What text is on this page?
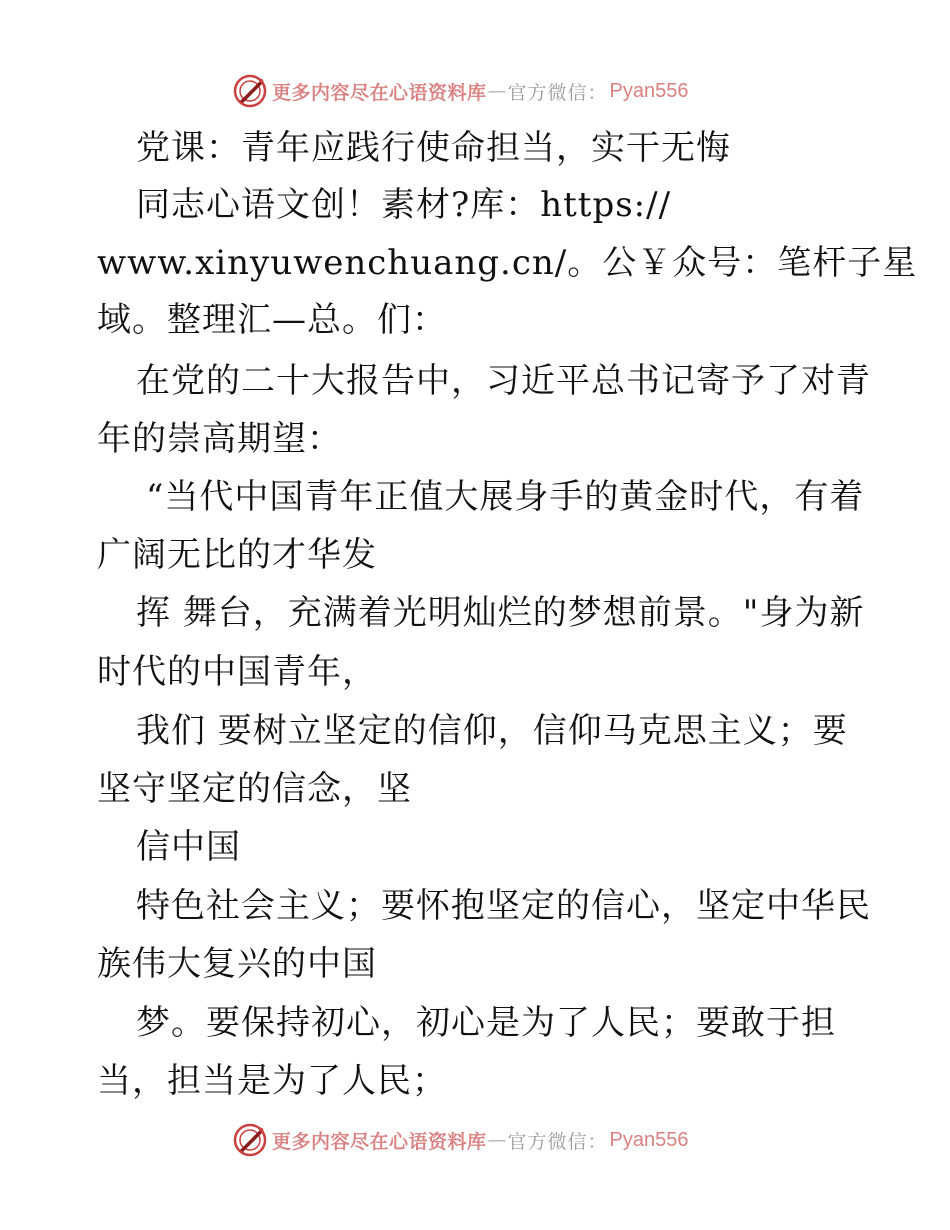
更多内容尽在心语资料库 — 官方微信： Pyan556
党课：青年应践行使命担当，实干无悔
同志心语文创！素材?库：https://
www.xinyuwenchuang.cn/。公￥众号：笔杆子星
域。整理汇—总。们：
在党的二十大报告中，习近平总书记寄予了对青
年的崇高期望：
“当代中国青年正值大展身手的黄金时代，有着
广阔无比的才华发
挥 舞台，充满着光明灿烂的梦想前景。"身为新
时代的中国青年，
我们 要树立坚定的信仰，信仰马克思主义；要
坚守坚定的信念，坚
信中国
特色社会主义；要怀抱坚定的信心，坚定中华民
族伟大复兴的中国
梦。要保持初心，初心是为了人民；要敢于担
当，担当是为了人民；
更多内容尽在心语资料库 — 官方微信： Pyan556
